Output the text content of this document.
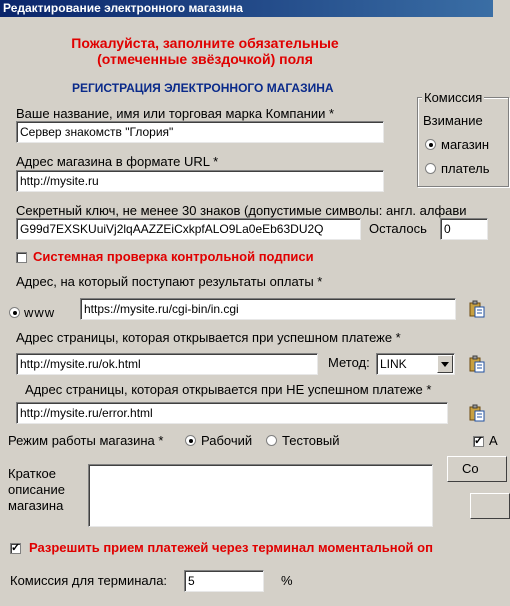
Редактирование электронного магазина
Пожалуйста, заполните обязательные
(отмеченные звёздочкой) поля
РЕГИСТРАЦИЯ ЭЛЕКТРОННОГО МАГАЗИНА
Ваше название, имя или торговая марка Компании *
Сервер знакомств "Глория"
Адрес магазина в формате URL *
http://mysite.ru
Комиссия
Взимание
магазин
платель
Секретный ключ, не менее 30 знаков (допустимые символы: англ. алфави
G99d7EXSKUuiVj2lqAAZZEiCxkpfALO9La0eEb63DU2Q	Осталось	0
Системная проверка контрольной подписи
Адрес, на который поступают результаты оплаты *
www	https://mysite.ru/cgi-bin/in.cgi
Адрес страницы, которая открывается при успешном платеже *
http://mysite.ru/ok.html	Метод: LINK
Адрес страницы, которая открывается при НЕ успешном платеже *
http://mysite.ru/error.html
Режим работы магазина *	Рабочий Тестовый	✓ А
Со
Краткое
описание
магазина
✓ Разрешить прием платежей через терминал моментальной оп
Комиссия для терминала:	5	%
